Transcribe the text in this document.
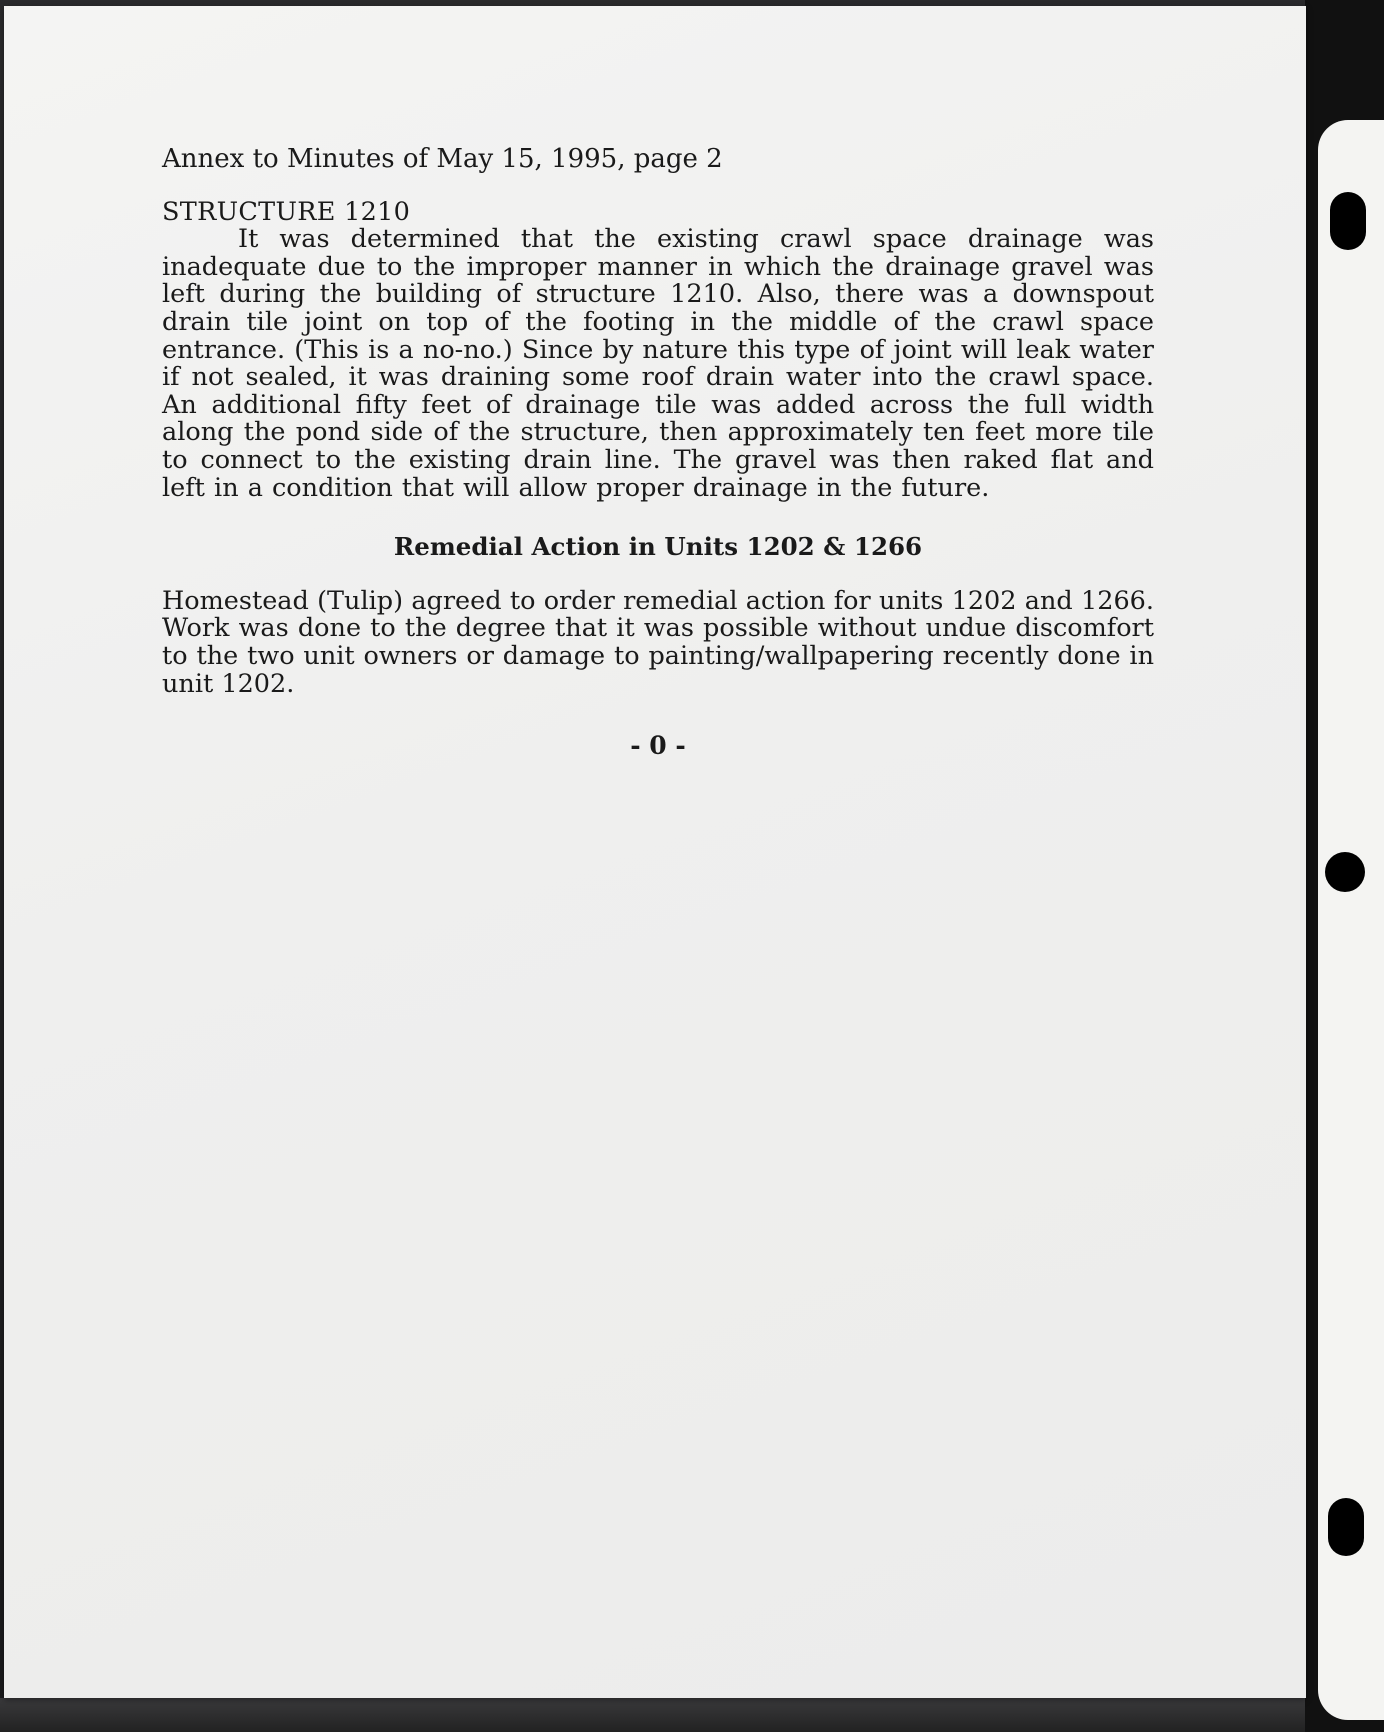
Annex to Minutes of May 15, 1995, page 2

STRUCTURE 1210

It was determined that the existing crawl space drainage was inadequate due to the improper manner in which the drainage gravel was left during the building of structure 1210. Also, there was a downspout drain tile joint on top of the footing in the middle of the crawl space entrance. (This is a no-no.) Since by nature this type of joint will leak water if not sealed, it was draining some roof drain water into the crawl space. An additional fifty feet of drainage tile was added across the full width along the pond side of the structure, then approximately ten feet more tile to connect to the existing drain line. The gravel was then raked flat and left in a condition that will allow proper drainage in the future.

Remedial Action in Units 1202 & 1266

Homestead (Tulip) agreed to order remedial action for units 1202 and 1266. Work was done to the degree that it was possible without undue discomfort to the two unit owners or damage to painting/wallpapering recently done in unit 1202.

- 0 -
